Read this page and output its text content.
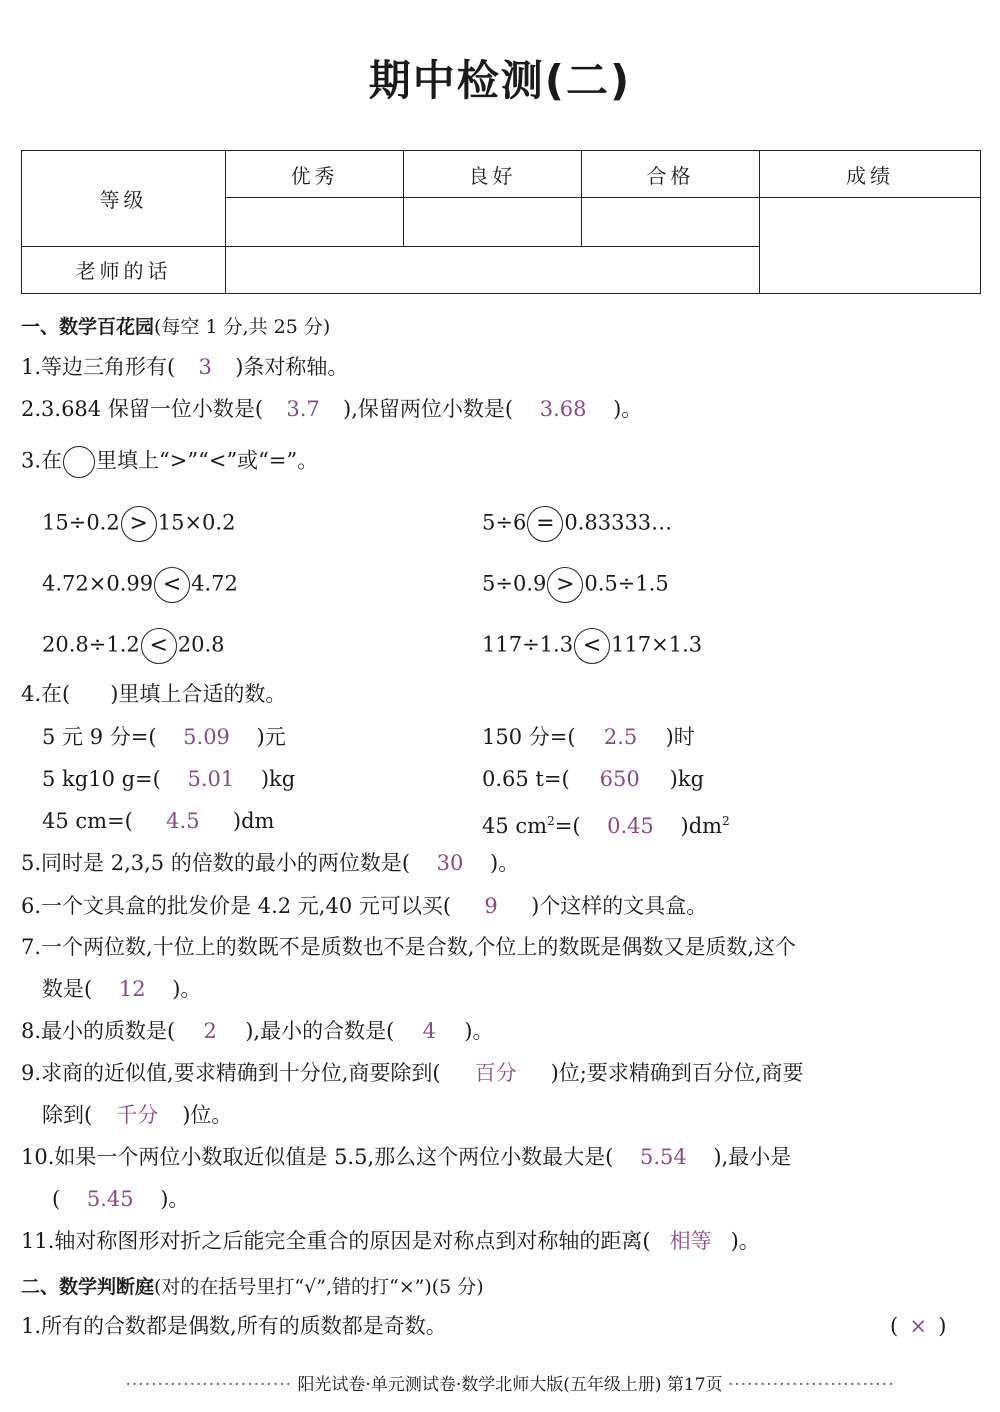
期中检测(二)
等级	优秀	良好	合格	成绩

老师的话				
一、数学百花园(每空 1 分,共 25 分)
1.等边三角形有( 3 )条对称轴。
2.3.684 保留一位小数是( 3.7 ),保留两位小数是( 3.68 )。
3.在 里填上“>”“<”或“=”。
15÷0.2 > 15×0.2	5÷6 = 0.83333…
4.72×0.99 < 4.72	5÷0.9 > 0.5÷1.5
20.8÷1.2 < 20.8	117÷1.3 < 117×1.3
4.在( )里填上合适的数。
5 元 9 分=( 5.09 )元	150 分=( 2.5 )时
5 kg10 g=( 5.01 )kg	0.65 t=( 650 )kg
45 cm=( 4.5 )dm	45 $cm^2=$( 0.45 )$dm^2$
5.同时是 2,3,5 的倍数的最小的两位数是( 30 )。
6.一个文具盒的批发价是 4.2 元,40 元可以买( 9 )个这样的文具盒。
7.一个两位数,十位上的数既不是质数也不是合数,个位上的数既是偶数又是质数,这个
数是( 12 )。
8.最小的质数是( 2 ),最小的合数是( 4 )。
9.求商的近似值,要求精确到十分位,商要除到( 百分 )位;要求精确到百分位,商要
除到( 千分 )位。
10.如果一个两位小数取近似值是 5.5,那么这个两位小数最大是( 5.54 ),最小是
( 5.45 )。
11.轴对称图形对折之后能完全重合的原因是对称点到对称轴的距离( 相等 )。
二、数学判断庭(对的在括号里打“√”,错的打“×”)(5 分)
1.所有的合数都是偶数,所有的质数都是奇数。	( × )
·························· 阳光试卷·单元测试卷·数学北师大版(五年级上册) 第17页 ··························
